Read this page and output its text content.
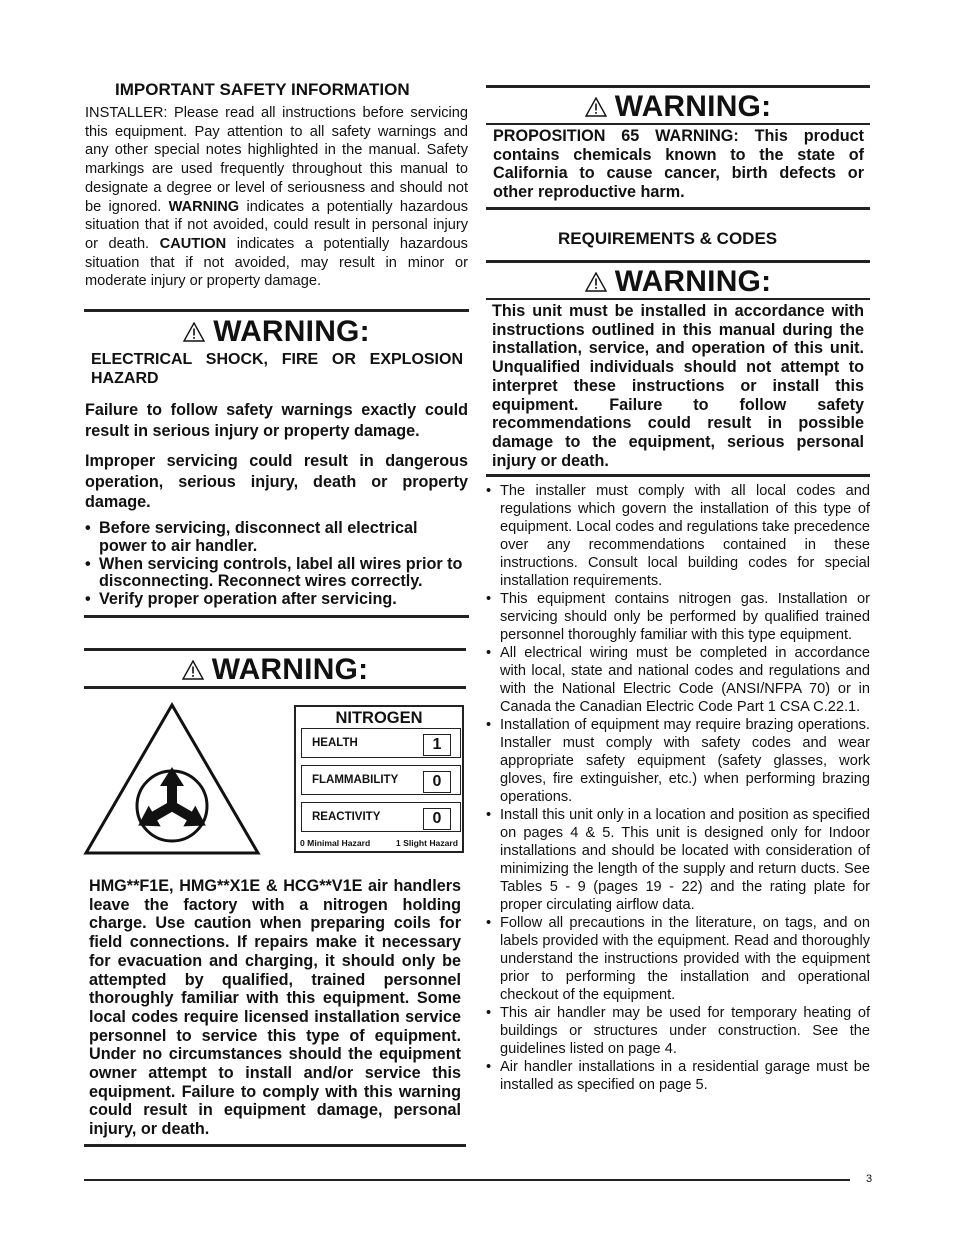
IMPORTANT SAFETY INFORMATION
INSTALLER: Please read all instructions before servicing this equipment. Pay attention to all safety warnings and any other special notes highlighted in the manual. Safety markings are used frequently throughout this manual to designate a degree or level of seriousness and should not be ignored. WARNING indicates a potentially hazardous situation that if not avoided, could result in personal injury or death. CAUTION indicates a potentially hazardous situation that if not avoided, may result in minor or moderate injury or property damage.
WARNING:
ELECTRICAL SHOCK, FIRE OR EXPLOSION HAZARD
Failure to follow safety warnings exactly could result in serious injury or property damage.
Improper servicing could result in dangerous operation, serious injury, death or property damage.
• Before servicing, disconnect all electrical power to air handler.
• When servicing controls, label all wires prior to disconnecting. Reconnect wires correctly.
• Verify proper operation after servicing.
WARNING:
NITROGEN
HEALTH	1
FLAMMABILITY	0
REACTIVITY	0
0 Minimal Hazard	1 Slight Hazard
HMG**F1E, HMG**X1E & HCG**V1E air handlers leave the factory with a nitrogen holding charge. Use caution when preparing coils for field connections. If repairs make it necessary for evacuation and charging, it should only be attempted by qualified, trained personnel thoroughly familiar with this equipment. Some local codes require licensed installation service personnel to service this type of equipment. Under no circumstances should the equipment owner attempt to install and/or service this equipment. Failure to comply with this warning could result in equipment damage, personal injury, or death.
WARNING:
PROPOSITION 65 WARNING: This product contains chemicals known to the state of California to cause cancer, birth defects or other reproductive harm.
REQUIREMENTS & CODES
WARNING:
This unit must be installed in accordance with instructions outlined in this manual during the installation, service, and operation of this unit. Unqualified individuals should not attempt to interpret these instructions or install this equipment. Failure to follow safety recommendations could result in possible damage to the equipment, serious personal injury or death.
• The installer must comply with all local codes and regulations which govern the installation of this type of equipment. Local codes and regulations take precedence over any recommendations contained in these instructions. Consult local building codes for special installation requirements.
• This equipment contains nitrogen gas. Installation or servicing should only be performed by qualified trained personnel thoroughly familiar with this type equipment.
• All electrical wiring must be completed in accordance with local, state and national codes and regulations and with the National Electric Code (ANSI/NFPA 70) or in Canada the Canadian Electric Code Part 1 CSA C.22.1.
• Installation of equipment may require brazing operations. Installer must comply with safety codes and wear appropriate safety equipment (safety glasses, work gloves, fire extinguisher, etc.) when performing brazing operations.
• Install this unit only in a location and position as specified on pages 4 & 5. This unit is designed only for Indoor installations and should be located with consideration of minimizing the length of the supply and return ducts. See Tables 5 - 9 (pages 19 - 22) and the rating plate for proper circulating airflow data.
• Follow all precautions in the literature, on tags, and on labels provided with the equipment. Read and thoroughly understand the instructions provided with the equipment prior to performing the installation and operational checkout of the equipment.
• This air handler may be used for temporary heating of buildings or structures under construction. See the guidelines listed on page 4.
• Air handler installations in a residential garage must be installed as specified on page 5.
3
